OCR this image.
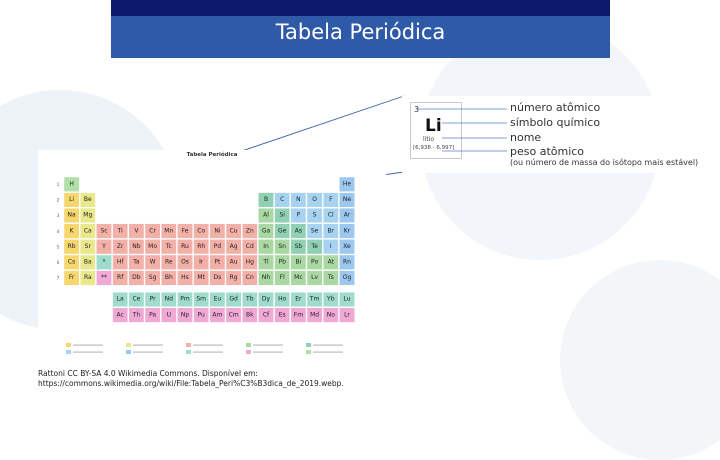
Tabela Periódica
Tabela Periódica
1 H	He
2 Li Be	B C N O F Ne
3 Na Mg	Al Si P S Cl Ar
4 K Ca Sc Ti V Cr Mn Fe Co Ni Cu Zn Ga Ge As Se Br Kr
5 Rb Sr Y Zr Nb Mo Tc Ru Rh Pd Ag Cd In Sn Sb Te I Xe
6 Cs Ba * Hf Ta W Re Os Ir Pt Au Hg Tl Pb Bi Po At Rn
7 Fr Ra ** Rf Db Sg Bh Hs Mt Ds Rg Cn Nh Fl Mc Lv Ts Og
La Ce Pr Nd Pm Sm Eu Gd Tb Dy Ho Er Tm Yb Lu
Ac Th Pa U Np Pu Am Cm Bk Cf Es Fm Md No Lr
3
Li
lítio
[6,938 - 6,997]
número atômico
símbolo químico
nome
peso atômico
(ou número de massa do isótopo mais estável)
Rattoni CC BY-SA 4.0 Wikimedia Commons. Disponível em: https://commons.wikimedia.org/wiki/File:Tabela_Peri%C3%B3dica_de_2019.webp.
